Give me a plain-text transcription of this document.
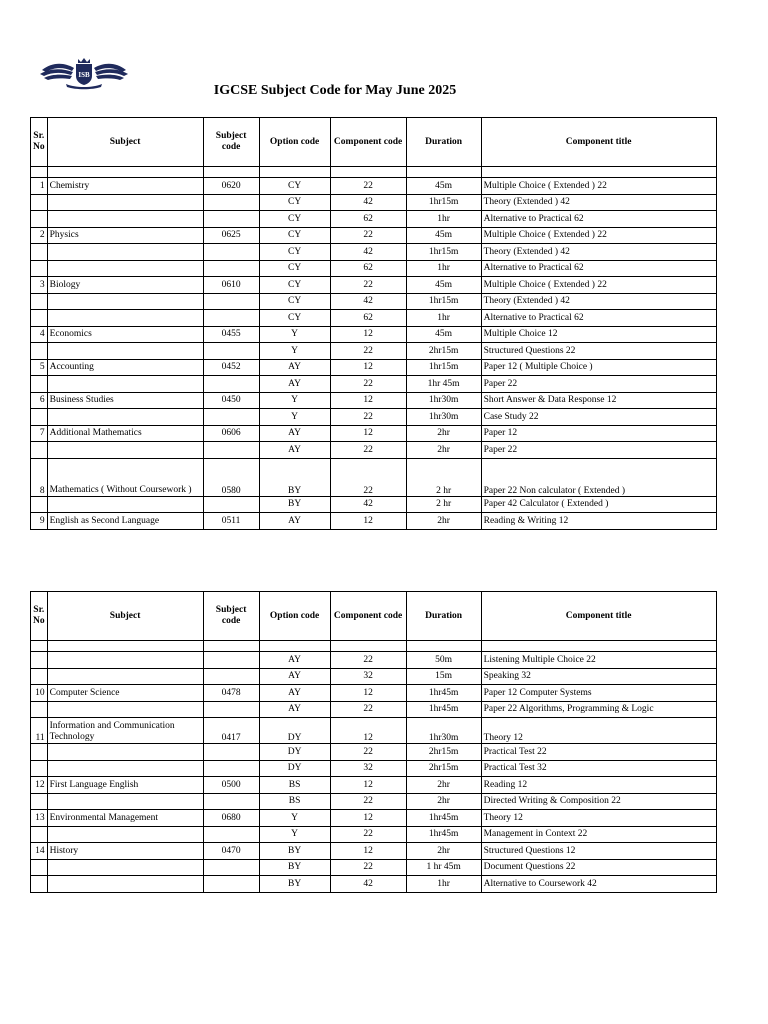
ISB
IGCSE Subject Code for May June 2025
Sr. No	Subject	Subject code	Option code	Component code	Duration	Component title

1	Chemistry	0620	CY	22	45m	Multiple Choice ( Extended ) 22
			CY	42	1hr15m	Theory (Extended ) 42
			CY	62	1hr	Alternative to Practical 62
2	Physics	0625	CY	22	45m	Multiple Choice ( Extended ) 22
			CY	42	1hr15m	Theory (Extended ) 42
			CY	62	1hr	Alternative to Practical 62
3	Biology	0610	CY	22	45m	Multiple Choice ( Extended ) 22
			CY	42	1hr15m	Theory (Extended ) 42
			CY	62	1hr	Alternative to Practical 62
4	Economics	0455	Y	12	45m	Multiple Choice 12
			Y	22	2hr15m	Structured Questions 22
5	Accounting	0452	AY	12	1hr15m	Paper 12 ( Multiple Choice )
			AY	22	1hr 45m	Paper 22
6	Business Studies	0450	Y	12	1hr30m	Short Answer & Data Response 12
			Y	22	1hr30m	Case Study 22
7	Additional Mathematics	0606	AY	12	2hr	Paper 12
			AY	22	2hr	Paper 22
8	Mathematics ( Without Coursework )	0580	BY	22	2 hr	Paper 22 Non calculator ( Extended )
			BY	42	2 hr	Paper 42 Calculator ( Extended )
9	English as Second Language	0511	AY	12	2hr	Reading & Writing 12
Sr. No	Subject	Subject code	Option code	Component code	Duration	Component title

			AY	22	50m	Listening Multiple Choice 22
			AY	32	15m	Speaking 32
10	Computer Science	0478	AY	12	1hr45m	Paper 12 Computer Systems
			AY	22	1hr45m	Paper 22 Algorithms, Programming & Logic
11	Information and Communication Technology	0417	DY	12	1hr30m	Theory 12
			DY	22	2hr15m	Practical Test 22
			DY	32	2hr15m	Practical Test 32
12	First Language English	0500	BS	12	2hr	Reading 12
			BS	22	2hr	Directed Writing & Composition 22
13	Environmental Management	0680	Y	12	1hr45m	Theory 12
			Y	22	1hr45m	Management in Context 22
14	History	0470	BY	12	2hr	Structured Questions 12
			BY	22	1 hr 45m	Document Questions 22
			BY	42	1hr	Alternative to Coursework 42
